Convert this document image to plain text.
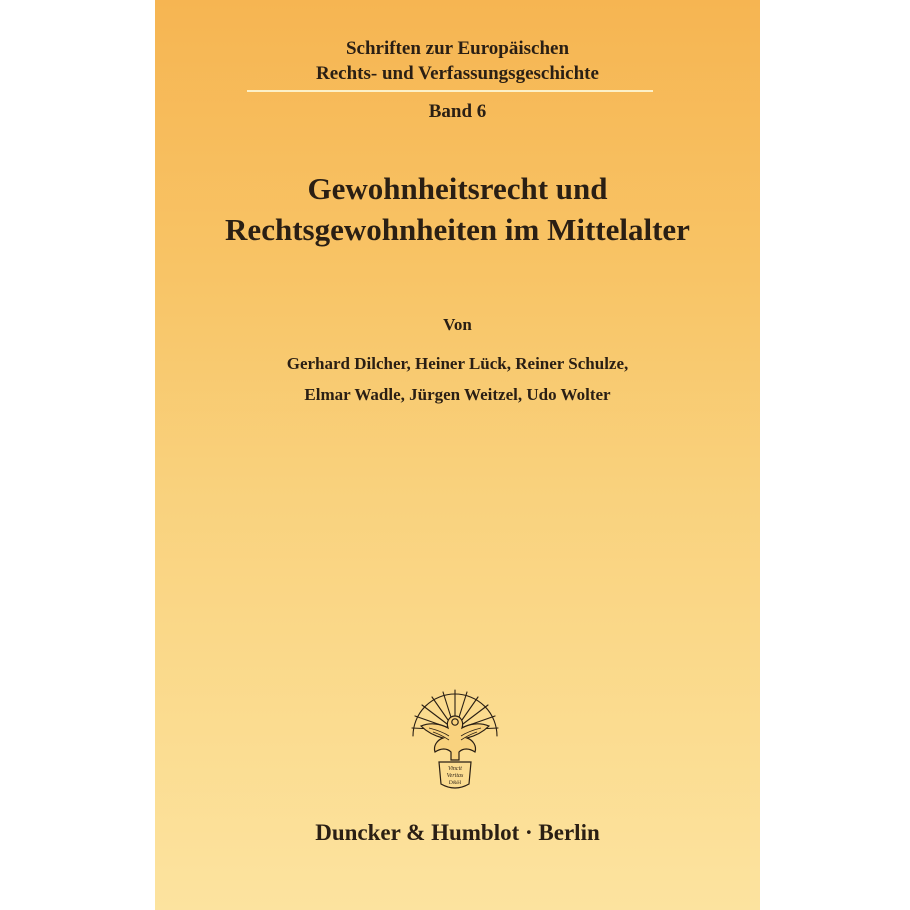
Schriften zur Europäischen
Rechts- und Verfassungsgeschichte
Band 6
Gewohnheitsrecht und
Rechtsgewohnheiten im Mittelalter
Von
Gerhard Dilcher, Heiner Lück, Reiner Schulze,
Elmar Wadle, Jürgen Weitzel, Udo Wolter
Vincit
Veritas
D&H
Duncker & Humblot · Berlin
